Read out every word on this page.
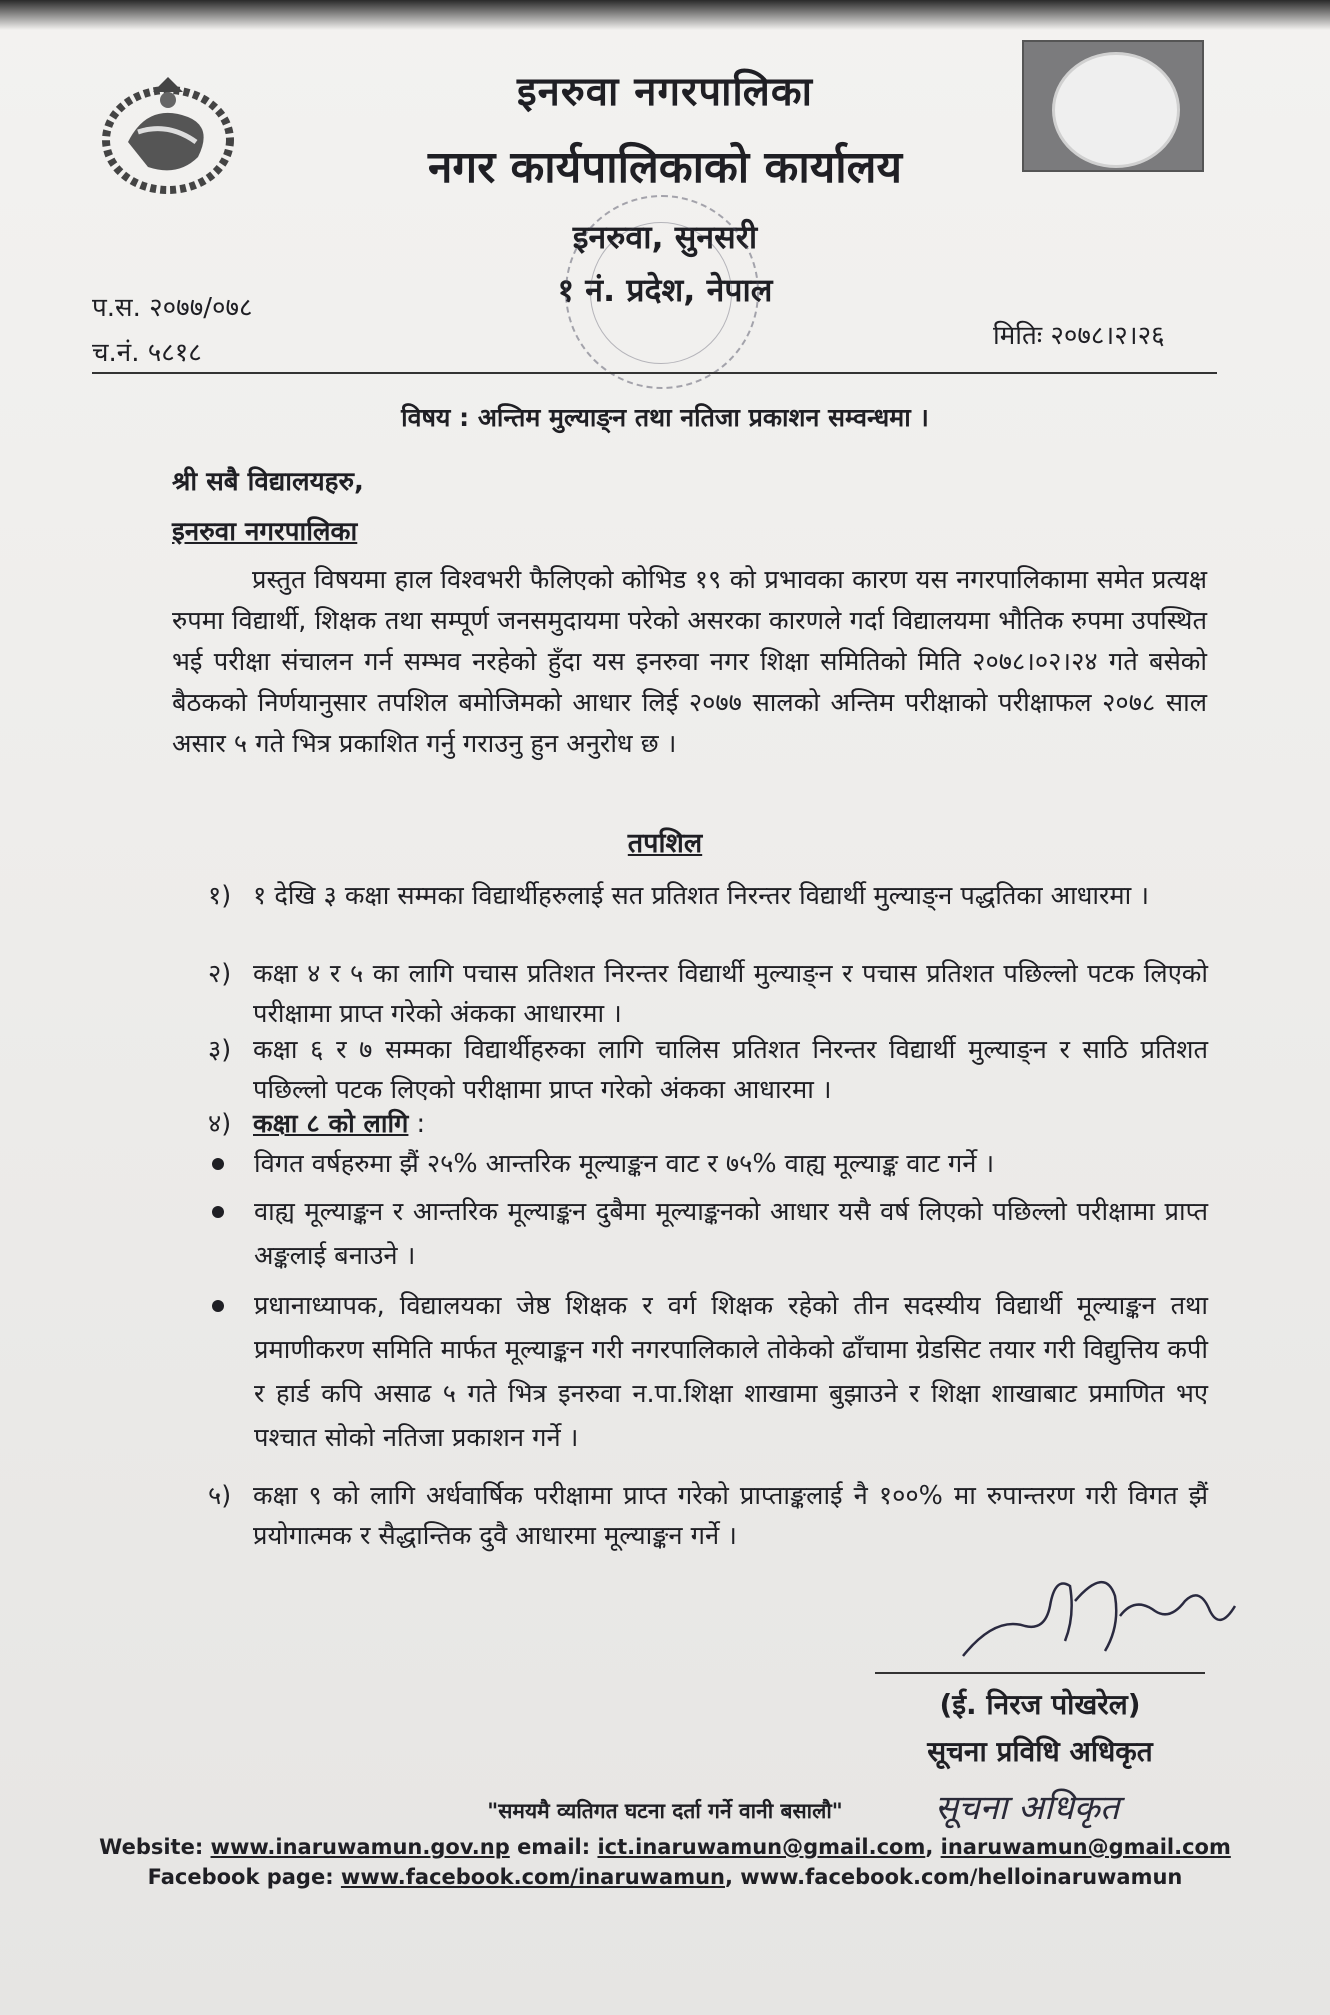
इनरुवा नगरपालिका
नगर कार्यपालिकाको कार्यालय
इनरुवा, सुनसरी
१ नं. प्रदेश, नेपाल
प.स. २०७७/०७८
च.नं. ५८१८
मितिः २०७८।२।२६
विषय : अन्तिम मुल्याङ्न तथा नतिजा प्रकाशन सम्वन्धमा ।
श्री सबै विद्यालयहरु,
इनरुवा नगरपालिका
प्रस्तुत विषयमा हाल विश्वभरी फैलिएको कोभिड १९ को प्रभावका कारण यस नगरपालिकामा समेत प्रत्यक्ष रुपमा विद्यार्थी, शिक्षक तथा सम्पूर्ण जनसमुदायमा परेको असरका कारणले गर्दा विद्यालयमा भौतिक रुपमा उपस्थित भई परीक्षा संचालन गर्न सम्भव नरहेको हुँदा यस इनरुवा नगर शिक्षा समितिको मिति २०७८।०२।२४ गते बसेको बैठकको निर्णयानुसार तपशिल बमोजिमको आधार लिई २०७७ सालको अन्तिम परीक्षाको परीक्षाफल २०७८ साल असार ५ गते भित्र प्रकाशित गर्नु गराउनु हुन अनुरोध छ ।
तपशिल
१) १ देखि ३ कक्षा सम्मका विद्यार्थीहरुलाई सत प्रतिशत निरन्तर विद्यार्थी मुल्याङ्न पद्धतिका आधारमा ।
२) कक्षा ४ र ५ का लागि पचास प्रतिशत निरन्तर विद्यार्थी मुल्याङ्न र पचास प्रतिशत पछिल्लो पटक लिएको परीक्षामा प्राप्त गरेको अंकका आधारमा ।
३) कक्षा ६ र ७ सम्मका विद्यार्थीहरुका लागि चालिस प्रतिशत निरन्तर विद्यार्थी मुल्याङ्न र साठि प्रतिशत पछिल्लो पटक लिएको परीक्षामा प्राप्त गरेको अंकका आधारमा ।
४) कक्षा ८ को लागि :
विगत वर्षहरुमा झैं २५% आन्तरिक मूल्याङ्कन वाट र ७५% वाह्य मूल्याङ्क वाट गर्ने ।
वाह्य मूल्याङ्कन र आन्तरिक मूल्याङ्कन दुबैमा मूल्याङ्कनको आधार यसै वर्ष लिएको पछिल्लो परीक्षामा प्राप्त अङ्कलाई बनाउने ।
प्रधानाध्यापक, विद्यालयका जेष्ठ शिक्षक र वर्ग शिक्षक रहेको तीन सदस्यीय विद्यार्थी मूल्याङ्कन तथा प्रमाणीकरण समिति मार्फत मूल्याङ्कन गरी नगरपालिकाले तोकेको ढाँचामा ग्रेडसिट तयार गरी विद्युत्तिय कपी र हार्ड कपि असाढ ५ गते भित्र इनरुवा न.पा.शिक्षा शाखामा बुझाउने र शिक्षा शाखाबाट प्रमाणित भए पश्चात सोको नतिजा प्रकाशन गर्ने ।
५) कक्षा ९ को लागि अर्धवार्षिक परीक्षामा प्राप्त गरेको प्राप्ताङ्कलाई नै १००% मा रुपान्तरण गरी विगत झैं प्रयोगात्मक र सैद्धान्तिक दुवै आधारमा मूल्याङ्कन गर्ने ।
(ई. निरज पोखरेल)
सूचना प्रविधि अधिकृत
सूचना अधिकृत
"समयमै व्यतिगत घटना दर्ता गर्ने वानी बसालौ"
Website: www.inaruwamun.gov.np email: ict.inaruwamun@gmail.com, inaruwamun@gmail.com
Facebook page: www.facebook.com/inaruwamun, www.facebook.com/helloinaruwamun
